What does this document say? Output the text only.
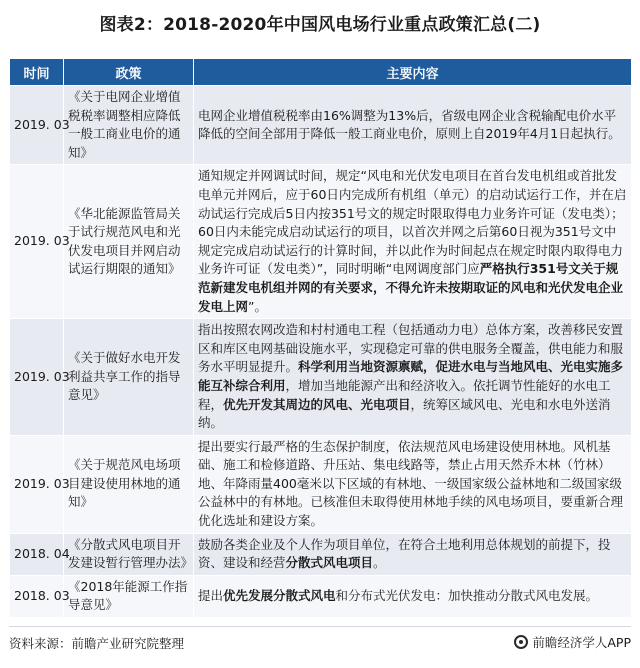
图表2：2018-2020年中国风电场行业重点政策汇总(二)
时间	政策	主要内容
2019. 03	《关于电网企业增值税税率调整相应降低一般工商业电价的通知》	电网企业增值税税率由16%调整为13%后，省级电网企业含税输配电价水平降低的空间全部用于降低一般工商业电价，原则上自2019年4月1日起执行。
2019. 03	《华北能源监管局关于试行规范风电和光伏发电项目并网启动试运行期限的通知》	通知规定并网调试时间，规定“风电和光伏发电项目在首台发电机组或首批发电单元并网后，应于60日内完成所有机组（单元）的启动试运行工作，并在启动试运行完成后5日内按351号文的规定时限取得电力业务许可证（发电类）；60日内未能完成启动试运行的项目，以首次并网之后第60日视为351号文中规定完成启动试运行的计算时间，并以此作为时间起点在规定时限内取得电力业务许可证（发电类）”，同时明晰“电网调度部门应严格执行351号文关于规范新建发电机组并网的有关要求，不得允许未按期取证的风电和光伏发电企业发电上网”。
2019. 03	《关于做好水电开发利益共享工作的指导意见》	指出按照农网改造和村村通电工程（包括通动力电）总体方案，改善移民安置区和库区电网基础设施水平，实现稳定可靠的供电服务全覆盖，供电能力和服务水平明显提升。科学利用当地资源禀赋，促进水电与当地风电、光电实施多能互补综合利用，增加当地能源产出和经济收入。依托调节性能好的水电工程，优先开发其周边的风电、光电项目，统筹区域风电、光电和水电外送消纳。
2019. 03	《关于规范风电场项目建设使用林地的通知》	提出要实行最严格的生态保护制度，依法规范风电场建设使用林地。风机基础、施工和检修道路、升压站、集电线路等，禁止占用天然乔木林（竹林）地、年降雨量400毫米以下区域的有林地、一级国家级公益林地和二级国家级公益林中的有林地。已核准但未取得使用林地手续的风电场项目，要重新合理优化选址和建设方案。
2018. 04	《分散式风电项目开发建设暂行管理办法》	鼓励各类企业及个人作为项目单位，在符合土地利用总体规划的前提下，投资、建设和经营分散式风电项目。
2018. 03	《2018年能源工作指导意见》	提出优先发展分散式风电和分布式光伏发电：加快推动分散式风电发展。
资料来源：前瞻产业研究院整理	前瞻经济学人APP
